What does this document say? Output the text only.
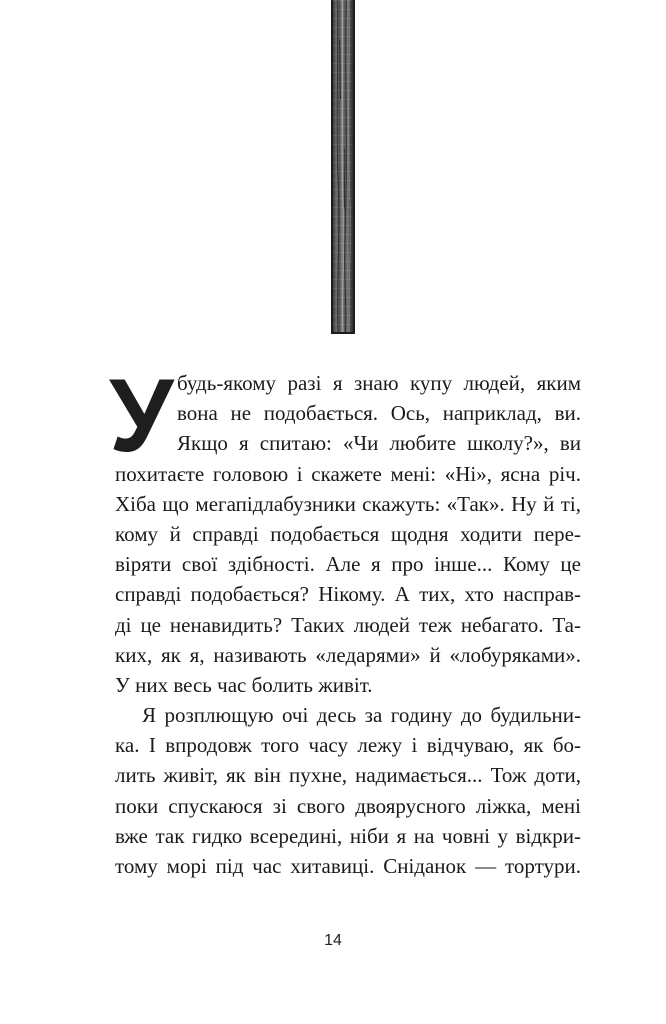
У будь-якому разі я знаю купу людей, яким
вона не подобається. Ось, наприклад, ви.
Якщо я спитаю: «Чи любите школу?», ви
похитаєте головою і скажете мені: «Ні», ясна річ.
Хіба що мегапідлабузники скажуть: «Так». Ну й ті,
кому й справді подобається щодня ходити пере-
віряти свої здібності. Але я про інше... Кому це
справді подобається? Нікому. А тих, хто насправ-
ді це ненавидить? Таких людей теж небагато. Та-
ких, як я, називають «ледарями» й «лобуряками».
У них весь час болить живіт.
Я розплющую очі десь за годину до будильни-
ка. І впродовж того часу лежу і відчуваю, як бо-
лить живіт, як він пухне, надимається... Тож доти,
поки спускаюся зі свого двоярусного ліжка, мені
вже так гидко всередині, ніби я на човні у відкри-
тому морі під час хитавиці. Сніданок — тортури.
14
